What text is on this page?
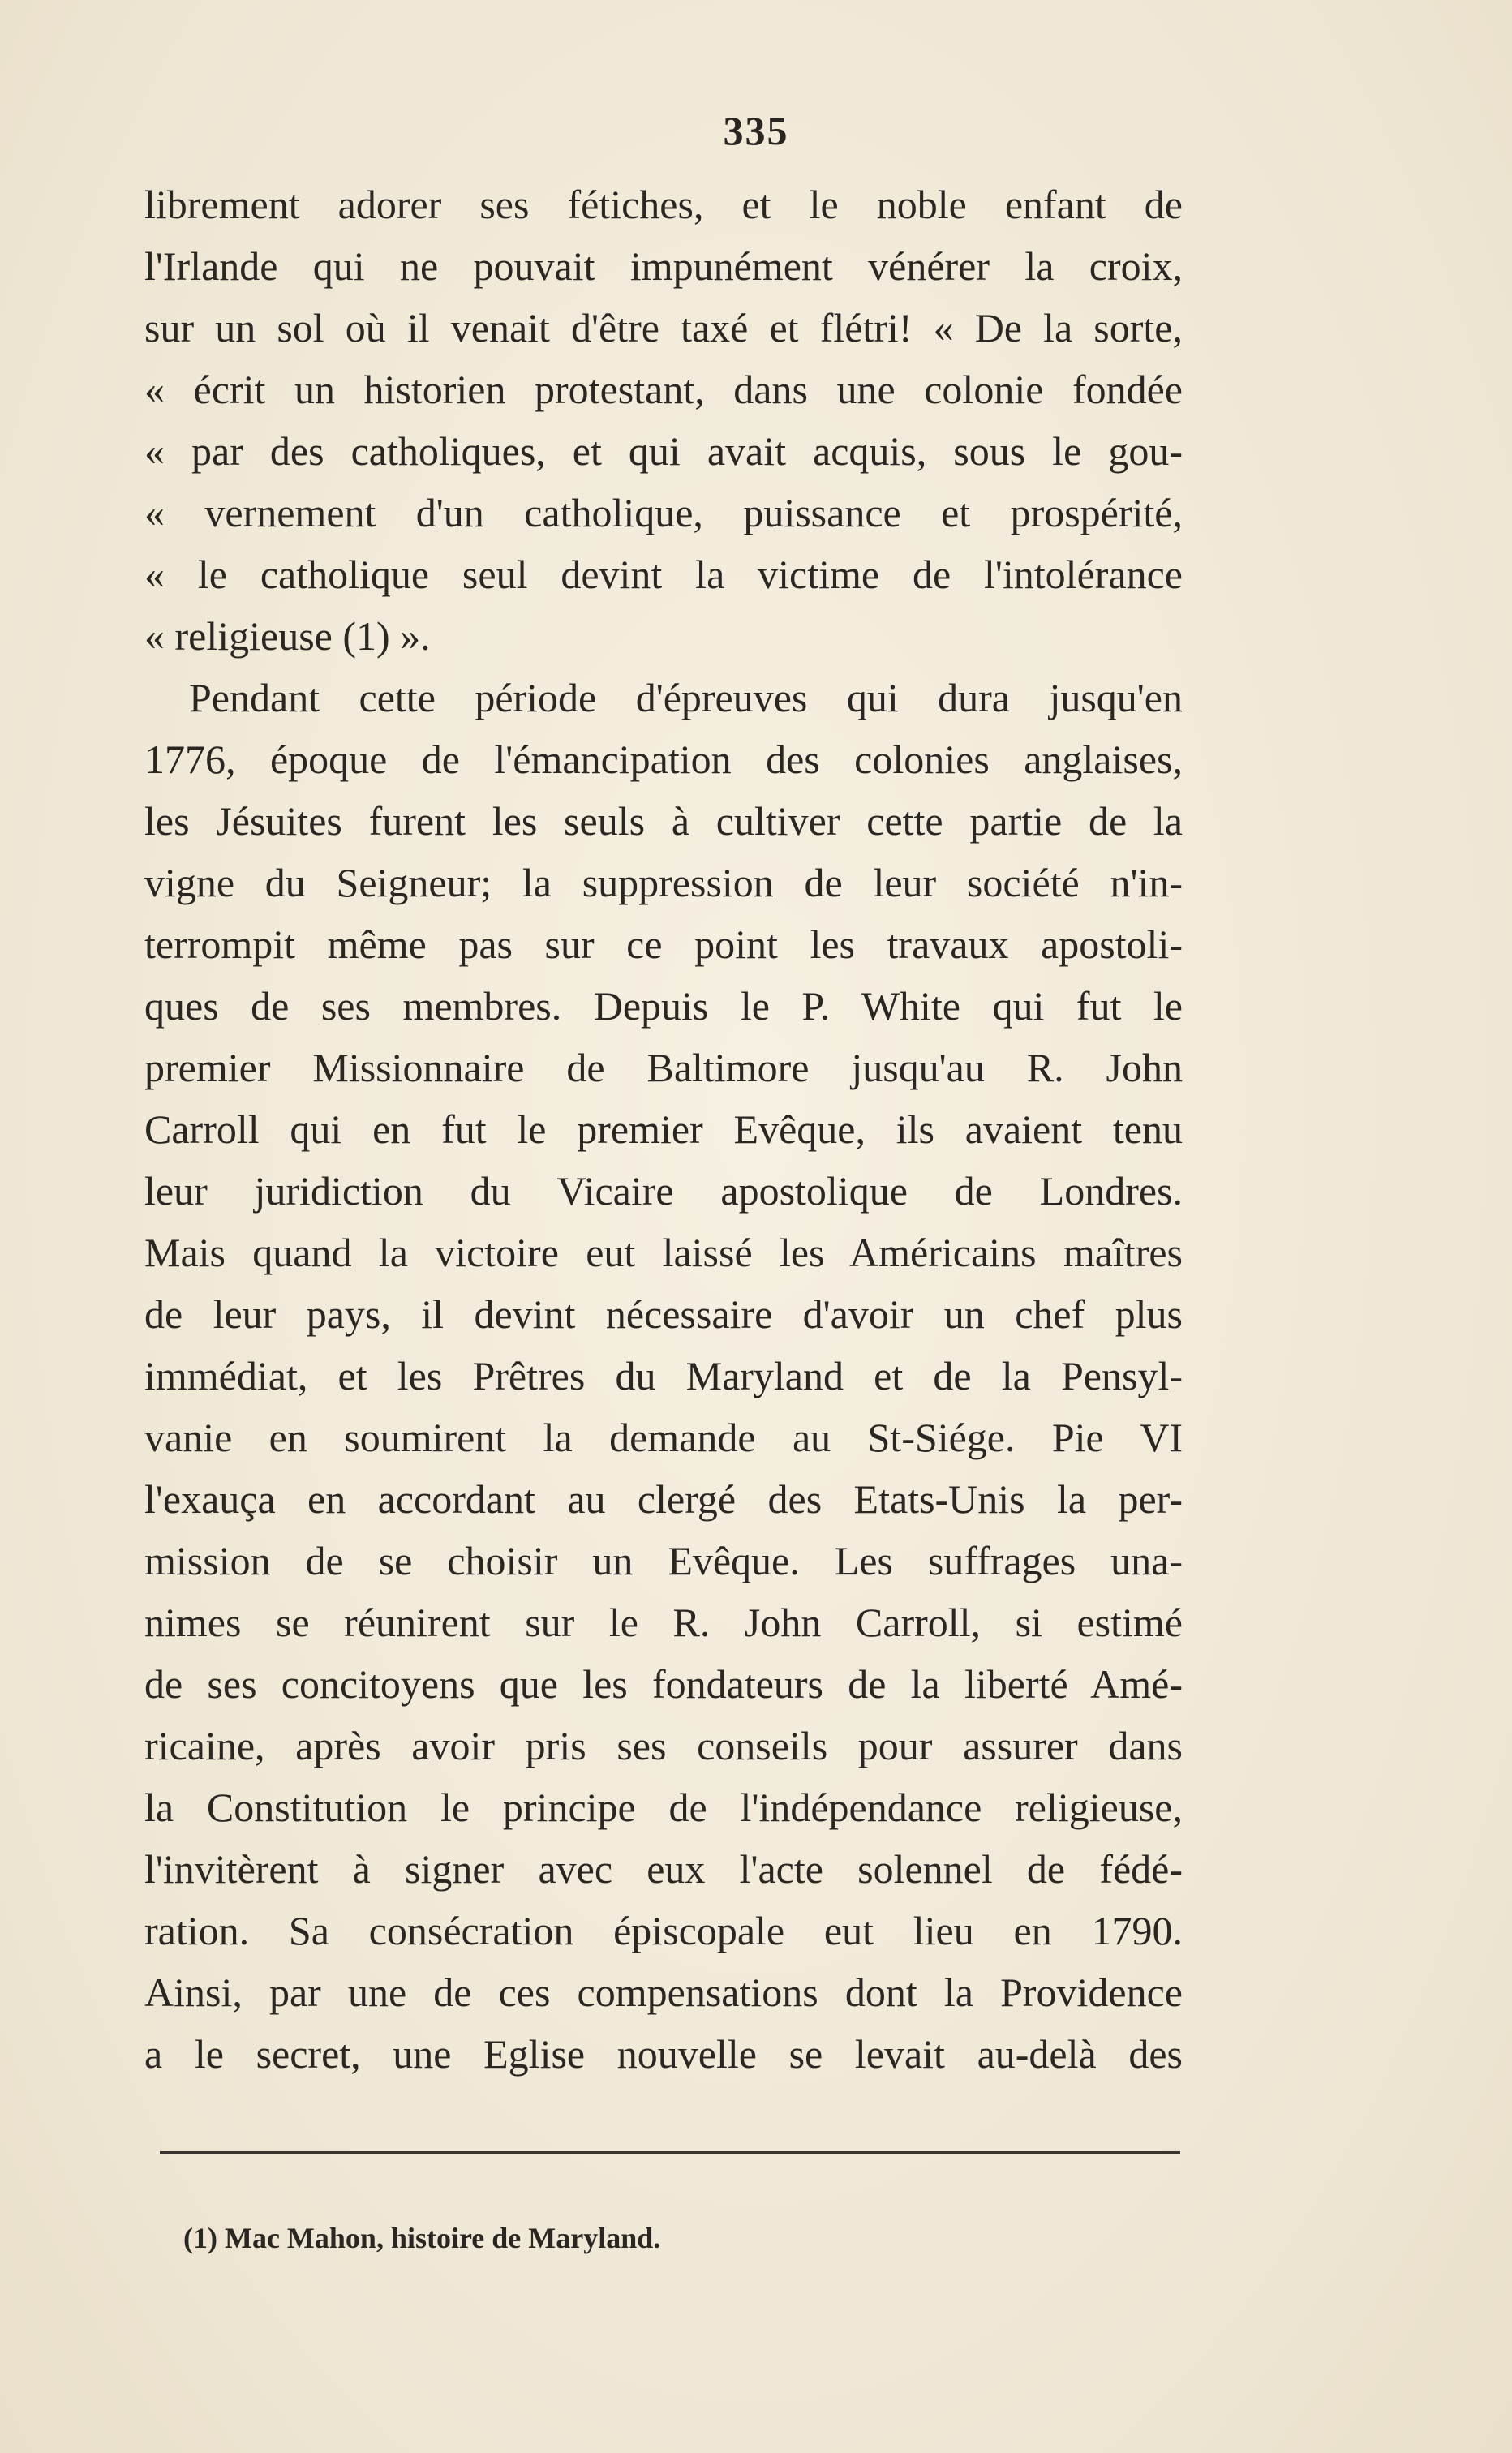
335
librement adorer ses fétiches, et le noble enfant de
l'Irlande qui ne pouvait impunément vénérer la croix,
sur un sol où il venait d'être taxé et flétri! « De la sorte,
« écrit un historien protestant, dans une colonie fondée
« par des catholiques, et qui avait acquis, sous le gou-
« vernement d'un catholique, puissance et prospérité,
« le catholique seul devint la victime de l'intolérance
« religieuse (1) ».
Pendant cette période d'épreuves qui dura jusqu'en
1776, époque de l'émancipation des colonies anglaises,
les Jésuites furent les seuls à cultiver cette partie de la
vigne du Seigneur; la suppression de leur société n'in-
terrompit même pas sur ce point les travaux apostoli-
ques de ses membres. Depuis le P. White qui fut le
premier Missionnaire de Baltimore jusqu'au R. John
Carroll qui en fut le premier Evêque, ils avaient tenu
leur juridiction du Vicaire apostolique de Londres.
Mais quand la victoire eut laissé les Américains maîtres
de leur pays, il devint nécessaire d'avoir un chef plus
immédiat, et les Prêtres du Maryland et de la Pensyl-
vanie en soumirent la demande au St-Siége. Pie VI
l'exauça en accordant au clergé des Etats-Unis la per-
mission de se choisir un Evêque. Les suffrages una-
nimes se réunirent sur le R. John Carroll, si estimé
de ses concitoyens que les fondateurs de la liberté Amé-
ricaine, après avoir pris ses conseils pour assurer dans
la Constitution le principe de l'indépendance religieuse,
l'invitèrent à signer avec eux l'acte solennel de fédé-
ration. Sa consécration épiscopale eut lieu en 1790.
Ainsi, par une de ces compensations dont la Providence
a le secret, une Eglise nouvelle se levait au-delà des
(1) Mac Mahon, histoire de Maryland.
